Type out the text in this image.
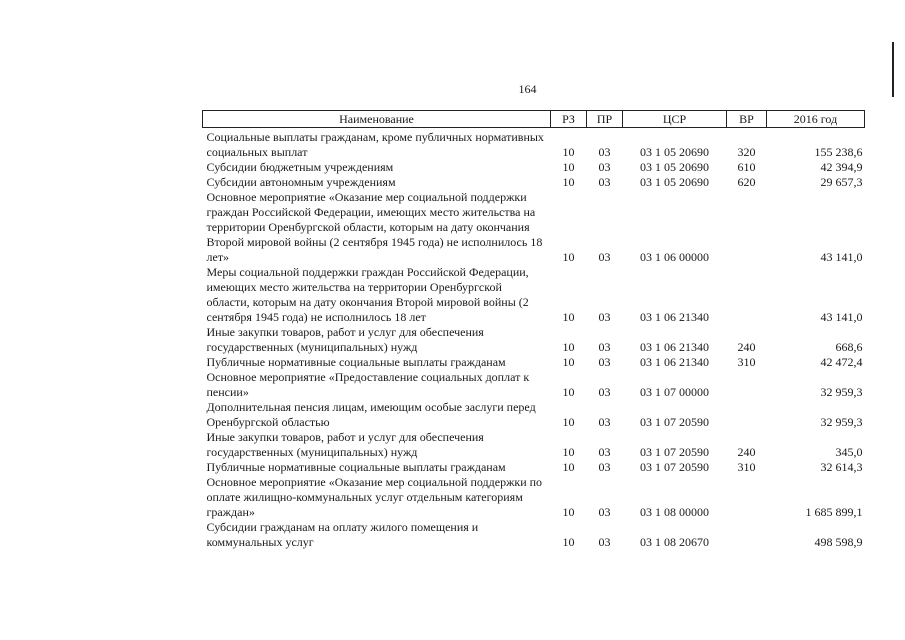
164
Наименование	РЗ	ПР	ЦСР	ВР	2016 год
Социальные выплаты гражданам, кроме публичных нормативных социальных выплат	10	03	03 1 05 20690	320	155 238,6
Субсидии бюджетным учреждениям	10	03	03 1 05 20690	610	42 394,9
Субсидии автономным учреждениям	10	03	03 1 05 20690	620	29 657,3
Основное мероприятие «Оказание мер социальной поддержки граждан Российской Федерации, имеющих место жительства на территории Оренбургской области, которым на дату окончания Второй мировой войны (2 сентября 1945 года) не исполнилось 18 лет»	10	03	03 1 06 00000		43 141,0
Меры социальной поддержки граждан Российской Федерации, имеющих место жительства на территории Оренбургской области, которым на дату окончания Второй мировой войны (2 сентября 1945 года) не исполнилось 18 лет	10	03	03 1 06 21340		43 141,0
Иные закупки товаров, работ и услуг для обеспечения государственных (муниципальных) нужд	10	03	03 1 06 21340	240	668,6
Публичные нормативные социальные выплаты гражданам	10	03	03 1 06 21340	310	42 472,4
Основное мероприятие «Предоставление социальных доплат к пенсии»	10	03	03 1 07 00000		32 959,3
Дополнительная пенсия лицам, имеющим особые заслуги перед Оренбургской областью	10	03	03 1 07 20590		32 959,3
Иные закупки товаров, работ и услуг для обеспечения государственных (муниципальных) нужд	10	03	03 1 07 20590	240	345,0
Публичные нормативные социальные выплаты гражданам	10	03	03 1 07 20590	310	32 614,3
Основное мероприятие «Оказание мер социальной поддержки по оплате жилищно-коммунальных услуг отдельным категориям граждан»	10	03	03 1 08 00000		1 685 899,1
Субсидии гражданам на оплату жилого помещения и коммунальных услуг	10	03	03 1 08 20670		498 598,9
